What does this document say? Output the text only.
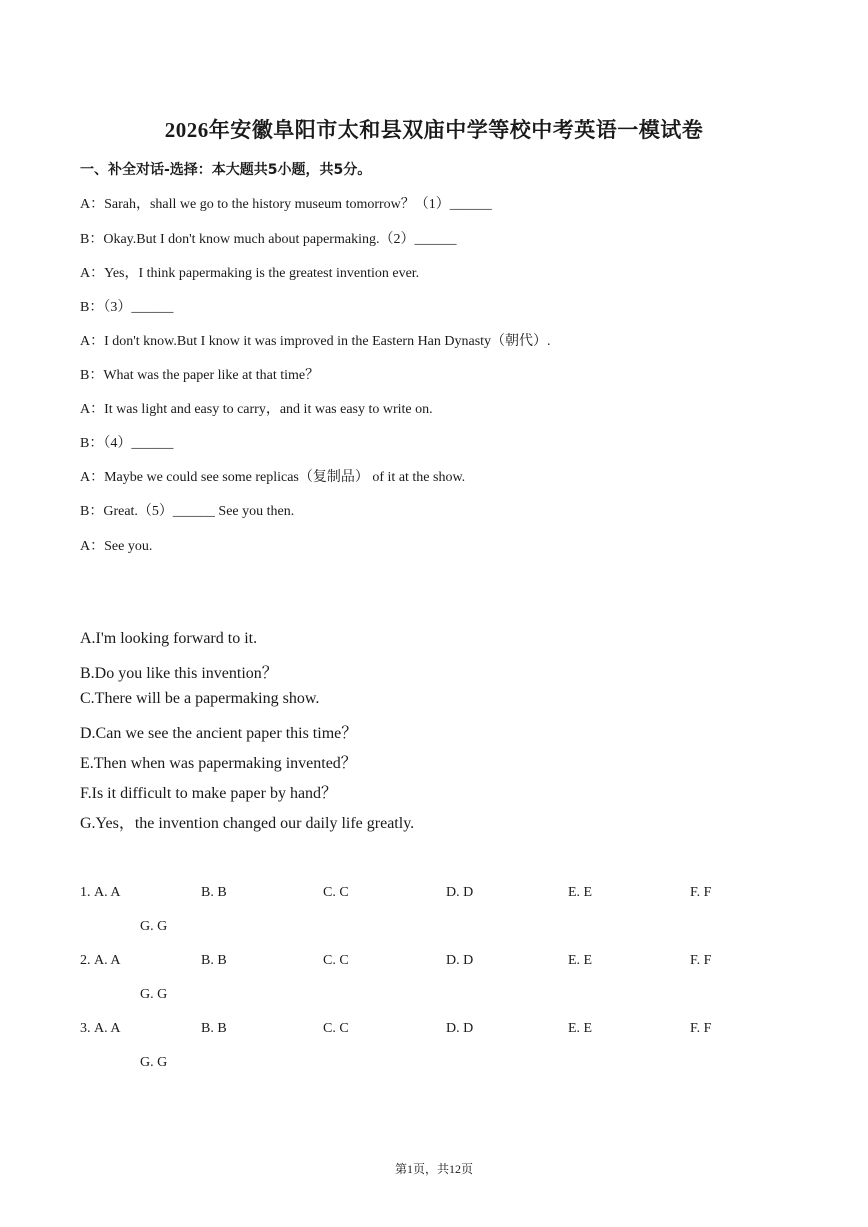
2026年安徽阜阳市太和县双庙中学等校中考英语一模试卷
一、补全对话-选择：本大题共5小题，共5分。
A：Sarah，shall we go to the history museum tomorrow？（1）______
B：Okay.But I don't know much about papermaking.（2）______
A：Yes，I think papermaking is the greatest invention ever.
B：（3）______
A：I don't know.But I know it was improved in the Eastern Han Dynasty（朝代）.
B：What was the paper like at that time？
A：It was light and easy to carry，and it was easy to write on.
B：（4）______
A：Maybe we could see some replicas（复制品） of it at the show.
B：Great.（5）______ See you then.
A：See you.
A.I'm looking forward to it.
B.Do you like this invention？
C.There will be a papermaking show.
D.Can we see the ancient paper this time？
E.Then when was papermaking invented？
F.Is it difficult to make paper by hand？
G.Yes，the invention changed our daily life greatly.
1. A. A	B. B	C. C	D. D	E. E	F. F
G. G
2. A. A	B. B	C. C	D. D	E. E	F. F
G. G
3. A. A	B. B	C. C	D. D	E. E	F. F
G. G
第1页，共12页
